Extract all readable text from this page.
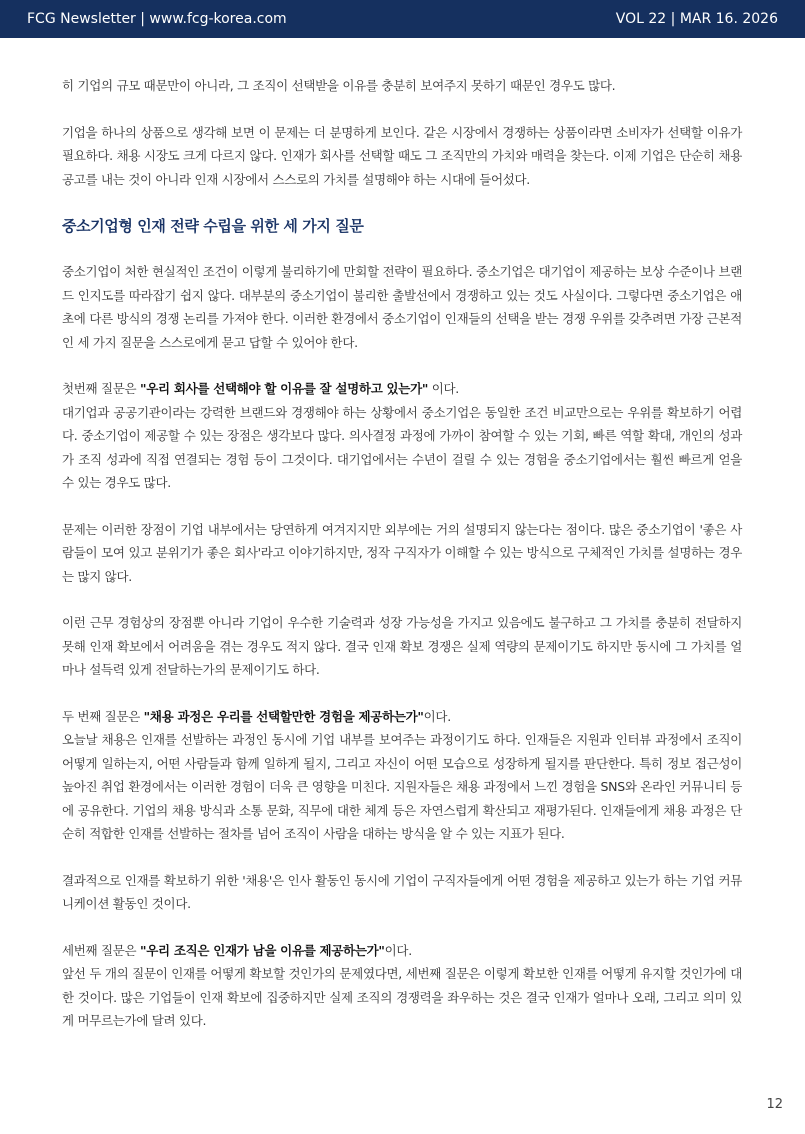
FCG Newsletter | www.fcg-korea.com	VOL 22 | MAR 16. 2026

히 기업의 규모 때문만이 아니라, 그 조직이 선택받을 이유를 충분히 보여주지 못하기 때문인 경우도 많다.

기업을 하나의 상품으로 생각해 보면 이 문제는 더 분명하게 보인다. 같은 시장에서 경쟁하는 상품이라면 소비자가 선택할 이유가 필요하다. 채용 시장도 크게 다르지 않다. 인재가 회사를 선택할 때도 그 조직만의 가치와 매력을 찾는다. 이제 기업은 단순히 채용 공고를 내는 것이 아니라 인재 시장에서 스스로의 가치를 설명해야 하는 시대에 들어섰다.

중소기업형 인재 전략 수립을 위한 세 가지 질문

중소기업이 처한 현실적인 조건이 이렇게 불리하기에 만회할 전략이 필요하다. 중소기업은 대기업이 제공하는 보상 수준이나 브랜드 인지도를 따라잡기 쉽지 않다. 대부분의 중소기업이 불리한 출발선에서 경쟁하고 있는 것도 사실이다. 그렇다면 중소기업은 애초에 다른 방식의 경쟁 논리를 가져야 한다. 이러한 환경에서 중소기업이 인재들의 선택을 받는 경쟁 우위를 갖추려면 가장 근본적인 세 가지 질문을 스스로에게 묻고 답할 수 있어야 한다.

첫번째 질문은 "우리 회사를 선택해야 할 이유를 잘 설명하고 있는가" 이다.

대기업과 공공기관이라는 강력한 브랜드와 경쟁해야 하는 상황에서 중소기업은 동일한 조건 비교만으로는 우위를 확보하기 어렵다. 중소기업이 제공할 수 있는 장점은 생각보다 많다. 의사결정 과정에 가까이 참여할 수 있는 기회, 빠른 역할 확대, 개인의 성과가 조직 성과에 직접 연결되는 경험 등이 그것이다. 대기업에서는 수년이 걸릴 수 있는 경험을 중소기업에서는 훨씬 빠르게 얻을 수 있는 경우도 많다.

문제는 이러한 장점이 기업 내부에서는 당연하게 여겨지지만 외부에는 거의 설명되지 않는다는 점이다. 많은 중소기업이 '좋은 사람들이 모여 있고 분위기가 좋은 회사'라고 이야기하지만, 정작 구직자가 이해할 수 있는 방식으로 구체적인 가치를 설명하는 경우는 많지 않다.

이런 근무 경험상의 장점뿐 아니라 기업이 우수한 기술력과 성장 가능성을 가지고 있음에도 불구하고 그 가치를 충분히 전달하지 못해 인재 확보에서 어려움을 겪는 경우도 적지 않다. 결국 인재 확보 경쟁은 실제 역량의 문제이기도 하지만 동시에 그 가치를 얼마나 설득력 있게 전달하는가의 문제이기도 하다.

두 번째 질문은 "채용 과정은 우리를 선택할만한 경험을 제공하는가"이다.

오늘날 채용은 인재를 선발하는 과정인 동시에 기업 내부를 보여주는 과정이기도 하다. 인재들은 지원과 인터뷰 과정에서 조직이 어떻게 일하는지, 어떤 사람들과 함께 일하게 될지, 그리고 자신이 어떤 모습으로 성장하게 될지를 판단한다. 특히 정보 접근성이 높아진 취업 환경에서는 이러한 경험이 더욱 큰 영향을 미친다. 지원자들은 채용 과정에서 느낀 경험을 SNS와 온라인 커뮤니티 등에 공유한다. 기업의 채용 방식과 소통 문화, 직무에 대한 체계 등은 자연스럽게 확산되고 재평가된다. 인재들에게 채용 과정은 단순히 적합한 인재를 선발하는 절차를 넘어 조직이 사람을 대하는 방식을 알 수 있는 지표가 된다.

결과적으로 인재를 확보하기 위한 '채용'은 인사 활동인 동시에 기업이 구직자들에게 어떤 경험을 제공하고 있는가 하는 기업 커뮤니케이션 활동인 것이다.

세번째 질문은 "우리 조직은 인재가 남을 이유를 제공하는가"이다.

앞선 두 개의 질문이 인재를 어떻게 확보할 것인가의 문제였다면, 세번째 질문은 이렇게 확보한 인재를 어떻게 유지할 것인가에 대한 것이다. 많은 기업들이 인재 확보에 집중하지만 실제 조직의 경쟁력을 좌우하는 것은 결국 인재가 얼마나 오래, 그리고 의미 있게 머무르는가에 달려 있다.

12
